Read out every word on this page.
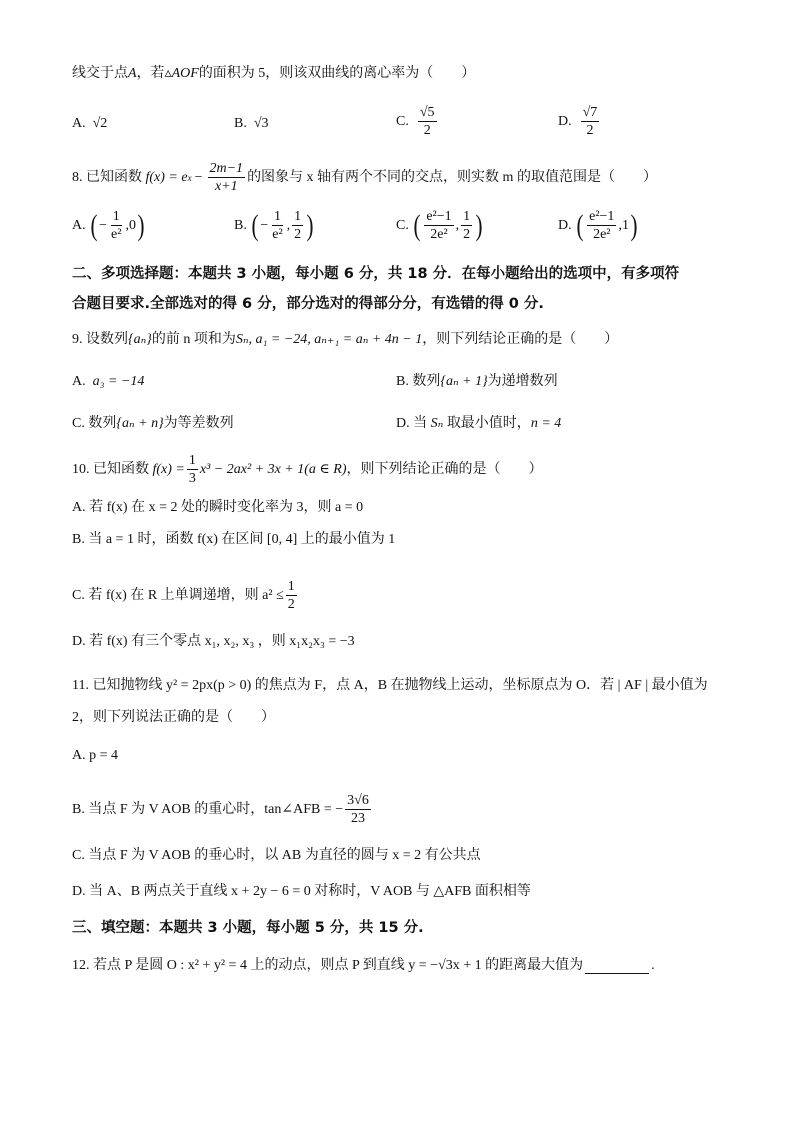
线交于点 A ，若 ▵AOF 的面积为 5，则该双曲线的离心率为（　　）
A.
√2	B.
√3	C.
$\frac{√5}{2}$	D.
$\frac{√7}{2}$
8.
已知函数
f(x) = e $x - \frac{2m-1}{x+1}$ 的图象与 x 轴有两个不同的交点，则实数 m 的取值范围是（　　）
A.
( − $\frac{1}{\text{e²}}$ , 0 )	B.
( − $\frac{1}{\text{e²}}$ , $\frac{1}{2}$ )	C.
( $\frac{\text{e²−1}}{\text{2e²}}$ , $\frac{1}{2}$ )	D.
( $\frac{\text{e²−1}}{\text{2e²}}$ , 1 )
二、多项选择题：本题共 3 小题，每小题 6 分，共 18 分．在每小题给出的选项中，有多项符
合题目要求.全部选对的得 6 分，部分选对的得部分分，有选错的得 0 分.
9.
设数列 {aₙ} 的前 n 项和为 Sₙ, a₁ = −24, aₙ₊₁ = aₙ + 4n − 1 ，则下列结论正确的是（　　）
A.
a₃ = −14	B.
数列 {aₙ + 1} 为递增数列
C.
数列 {aₙ + n} 为等差数列	D.
当
Sₙ
取最小值时， n = 4
10.
已知函数
$f(x) = \frac{1}{3} x^3 - 2ax^2 + 3x + 1(a$ ∈ R) ，则下列结论正确的是（　　）
A. 若 f(x) 在 x = 2 处的瞬时变化率为 3，则 a = 0
B. 当 a = 1 时，函数 f(x) 在区间 [0, 4] 上的最小值为 1
C. 若 f(x) 在 R 上单调递增，则 $a^2 \le \frac{1}{2}$
D. 若 f(x) 有三个零点 x₁, x₂, x₃ ，则 x₁x₂x₃ = −3
11. 已知抛物线 y² = 2px(p > 0) 的焦点为 F，点 A，B 在抛物线上运动，坐标原点为 O．若 | AF | 最小值为
2，则下列说法正确的是（　　）
A. p = 4
B. 当点 F 为 V AOB 的重心时，tan∠AFB = − $\frac{3√6}{23}$
C. 当点 F 为 V AOB 的垂心时，以 AB 为直径的圆与 x = 2 有公共点
D. 当 A、B 两点关于直线 x + 2y − 6 = 0 对称时，V AOB 与 △AFB 面积相等
三、填空题：本题共 3 小题，每小题 5 分，共 15 分.
12. 若点 P 是圆 O : x² + y² = 4 上的动点，则点 P 到直线 y = −√3x + 1 的距离最大值为	.
